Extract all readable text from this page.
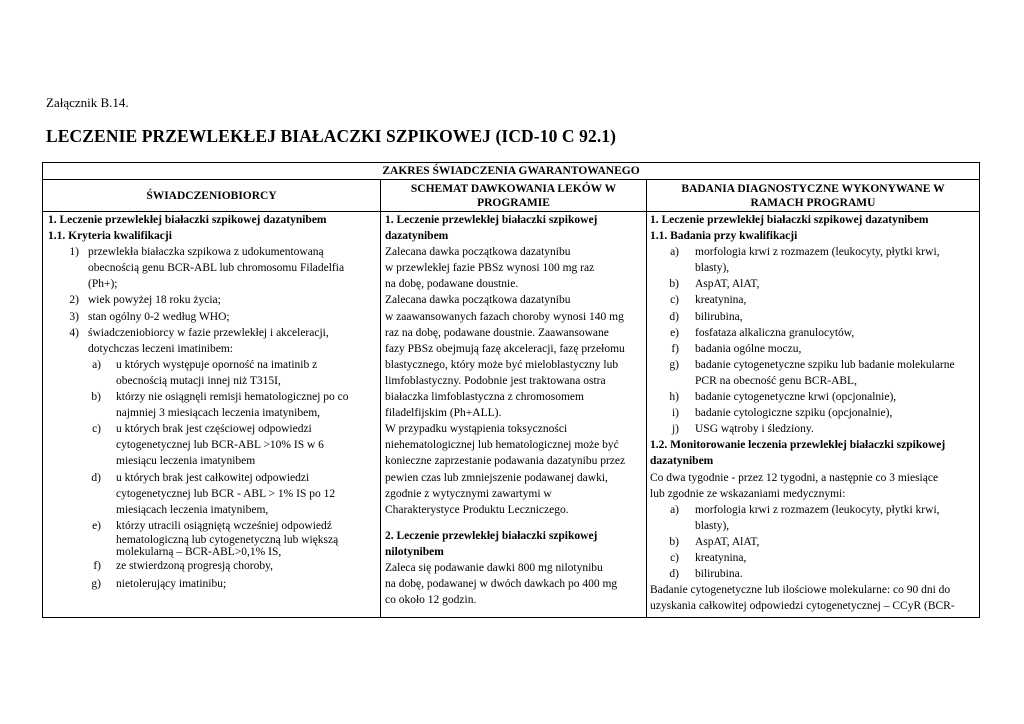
Załącznik B.14.
LECZENIE PRZEWLEKŁEJ BIAŁACZKI SZPIKOWEJ (ICD-10 C 92.1)
ZAKRES ŚWIADCZENIA GWARANTOWANEGO
ŚWIADCZENIOBIORCY
SCHEMAT DAWKOWANIA LEKÓW W
PROGRAMIE
BADANIA DIAGNOSTYCZNE WYKONYWANE W
RAMACH PROGRAMU
1. Leczenie przewlekłej białaczki szpikowej dazatynibem
1.1. Kryteria kwalifikacji
1) przewlekła białaczka szpikowa z udokumentowaną
obecnością genu BCR-ABL lub chromosomu Filadelfia
(Ph+);
2) wiek powyżej 18 roku życia;
3) stan ogólny 0-2 według WHO;
4) świadczeniobiorcy w fazie przewlekłej i akceleracji,
dotychczas leczeni imatinibem:
a) u których występuje oporność na imatinib z
obecnością mutacji innej niż T315I,
b) którzy nie osiągnęli remisji hematologicznej po co
najmniej 3 miesiącach leczenia imatynibem,
c) u których brak jest częściowej odpowiedzi
cytogenetycznej lub BCR-ABL >10% IS w 6
miesiącu leczenia imatynibem
d) u których brak jest całkowitej odpowiedzi
cytogenetycznej lub BCR - ABL > 1% IS po 12
miesiącach leczenia imatynibem,
e) którzy utracili osiągniętą wcześniej odpowiedź
hematologiczną lub cytogenetyczną lub większą
molekularną – BCR-ABL>0,1% IS,
f) ze stwierdzoną progresją choroby,
g) nietolerujący imatinibu;
1. Leczenie przewlekłej białaczki szpikowej
dazatynibem
Zalecana dawka początkowa dazatynibu
w przewlekłej fazie PBSz wynosi 100 mg raz
na dobę, podawane doustnie.
Zalecana dawka początkowa dazatynibu
w zaawansowanych fazach choroby wynosi 140 mg
raz na dobę, podawane doustnie. Zaawansowane
fazy PBSz obejmują fazę akceleracji, fazę przełomu
blastycznego, który może być mieloblastyczny lub
limfoblastyczny. Podobnie jest traktowana ostra
białaczka limfoblastyczna z chromosomem
filadelfijskim (Ph+ALL).
W przypadku wystąpienia toksyczności
niehematologicznej lub hematologicznej może być
konieczne zaprzestanie podawania dazatynibu przez
pewien czas lub zmniejszenie podawanej dawki,
zgodnie z wytycznymi zawartymi w
Charakterystyce Produktu Leczniczego.
2. Leczenie przewlekłej białaczki szpikowej
nilotynibem
Zaleca się podawanie dawki 800 mg nilotynibu
na dobę, podawanej w dwóch dawkach po 400 mg
co około 12 godzin.
1. Leczenie przewlekłej białaczki szpikowej dazatynibem
1.1. Badania przy kwalifikacji
a) morfologia krwi z rozmazem (leukocyty, płytki krwi,
blasty),
b) AspAT, AlAT,
c) kreatynina,
d) bilirubina,
e) fosfataza alkaliczna granulocytów,
f) badania ogólne moczu,
g) badanie cytogenetyczne szpiku lub badanie molekularne
PCR na obecność genu BCR-ABL,
h) badanie cytogenetyczne krwi (opcjonalnie),
i) badanie cytologiczne szpiku (opcjonalnie),
j) USG wątroby i śledziony.
1.2. Monitorowanie leczenia przewlekłej białaczki szpikowej
dazatynibem
Co dwa tygodnie - przez 12 tygodni, a następnie co 3 miesiące
lub zgodnie ze wskazaniami medycznymi:
a) morfologia krwi z rozmazem (leukocyty, płytki krwi,
blasty),
b) AspAT, AlAT,
c) kreatynina,
d) bilirubina.
Badanie cytogenetyczne lub ilościowe molekularne: co 90 dni do
uzyskania całkowitej odpowiedzi cytogenetycznej – CCyR (BCR-
